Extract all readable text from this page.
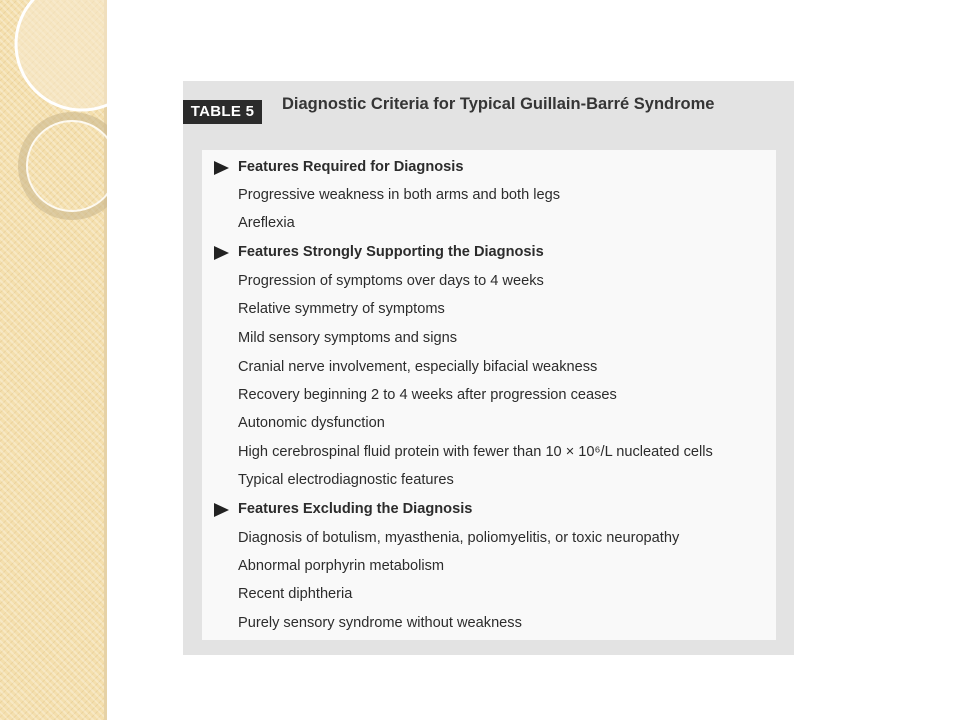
TABLE 5	Diagnostic Criteria for Typical Guillain-Barré Syndrome
Features Required for Diagnosis
Progressive weakness in both arms and both legs
Areflexia
Features Strongly Supporting the Diagnosis
Progression of symptoms over days to 4 weeks
Relative symmetry of symptoms
Mild sensory symptoms and signs
Cranial nerve involvement, especially bifacial weakness
Recovery beginning 2 to 4 weeks after progression ceases
Autonomic dysfunction
High cerebrospinal fluid protein with fewer than 10 × 10⁶/L nucleated cells
Typical electrodiagnostic features
Features Excluding the Diagnosis
Diagnosis of botulism, myasthenia, poliomyelitis, or toxic neuropathy
Abnormal porphyrin metabolism
Recent diphtheria
Purely sensory syndrome without weakness
